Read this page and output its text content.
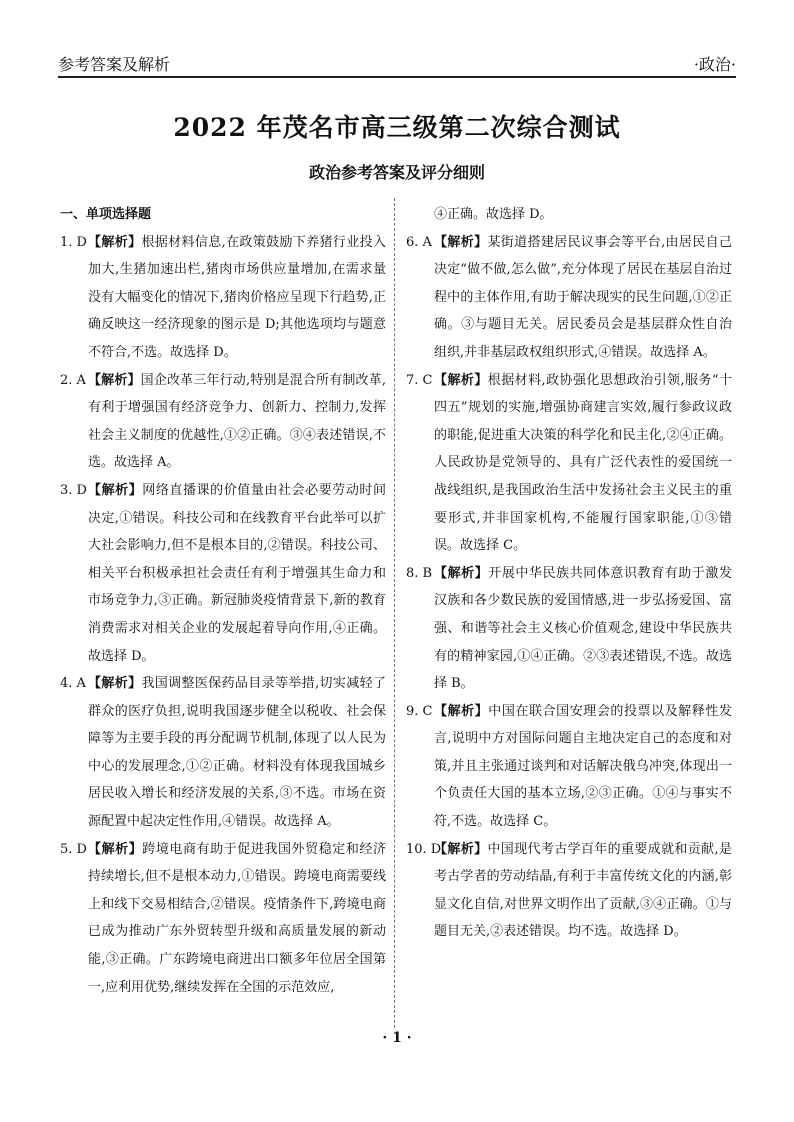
参考答案及解析	·政治·
2022 年茂名市高三级第二次综合测试
政治参考答案及评分细则
一、单项选择题

1. D 【解析】根据材料信息,在政策鼓励下养猪行业投入加大,生猪加速出栏,猪肉市场供应量增加,在需求量没有大幅变化的情况下,猪肉价格应呈现下行趋势,正确反映这一经济现象的图示是 D;其他选项均与题意不符合,不选。故选择 D。

2. A 【解析】国企改革三年行动,特别是混合所有制改革,有利于增强国有经济竞争力、创新力、控制力,发挥社会主义制度的优越性,①②正确。③④表述错误,不选。故选择 A。

3. D 【解析】网络直播课的价值量由社会必要劳动时间决定,①错误。科技公司和在线教育平台此举可以扩大社会影响力,但不是根本目的,②错误。科技公司、相关平台积极承担社会责任有利于增强其生命力和市场竞争力,③正确。新冠肺炎疫情背景下,新的教育消费需求对相关企业的发展起着导向作用,④正确。故选择 D。

4. A 【解析】我国调整医保药品目录等举措,切实减轻了群众的医疗负担,说明我国逐步健全以税收、社会保障等为主要手段的再分配调节机制,体现了以人民为中心的发展理念,①②正确。材料没有体现我国城乡居民收入增长和经济发展的关系,③不选。市场在资源配置中起决定性作用,④错误。故选择 A。

5. D 【解析】跨境电商有助于促进我国外贸稳定和经济持续增长,但不是根本动力,①错误。跨境电商需要线上和线下交易相结合,②错误。疫情条件下,跨境电商已成为推动广东外贸转型升级和高质量发展的新动能,③正确。广东跨境电商进出口额多年位居全国第一,应利用优势,继续发挥在全国的示范效应,

④正确。故选择 D。

6. A 【解析】某街道搭建居民议事会等平台,由居民自己决定“做不做,怎么做”,充分体现了居民在基层自治过程中的主体作用,有助于解决现实的民生问题,①②正确。③与题目无关。居民委员会是基层群众性自治组织,并非基层政权组织形式,④错误。故选择 A。

7. C 【解析】根据材料,政协强化思想政治引领,服务“十四五”规划的实施,增强协商建言实效,履行参政议政的职能,促进重大决策的科学化和民主化,②④正确。人民政协是党领导的、具有广泛代表性的爱国统一战线组织,是我国政治生活中发扬社会主义民主的重要形式,并非国家机构,不能履行国家职能,①③错误。故选择 C。

8. B 【解析】开展中华民族共同体意识教育有助于激发汉族和各少数民族的爱国情感,进一步弘扬爱国、富强、和谐等社会主义核心价值观念,建设中华民族共有的精神家园,①④正确。②③表述错误,不选。故选择 B。

9. C 【解析】中国在联合国安理会的投票以及解释性发言,说明中方对国际问题自主地决定自己的态度和对策,并且主张通过谈判和对话解决俄乌冲突,体现出一个负责任大国的基本立场,②③正确。①④与事实不符,不选。故选择 C。

10. D
【解析】中国现代考古学百年的重要成就和贡献,是考古学者的劳动结晶,有利于丰富传统文化的内涵,彰显文化自信,对世界文明作出了贡献,③④正确。①与题目无关,②表述错误。均不选。故选择 D。

· 1 ·
